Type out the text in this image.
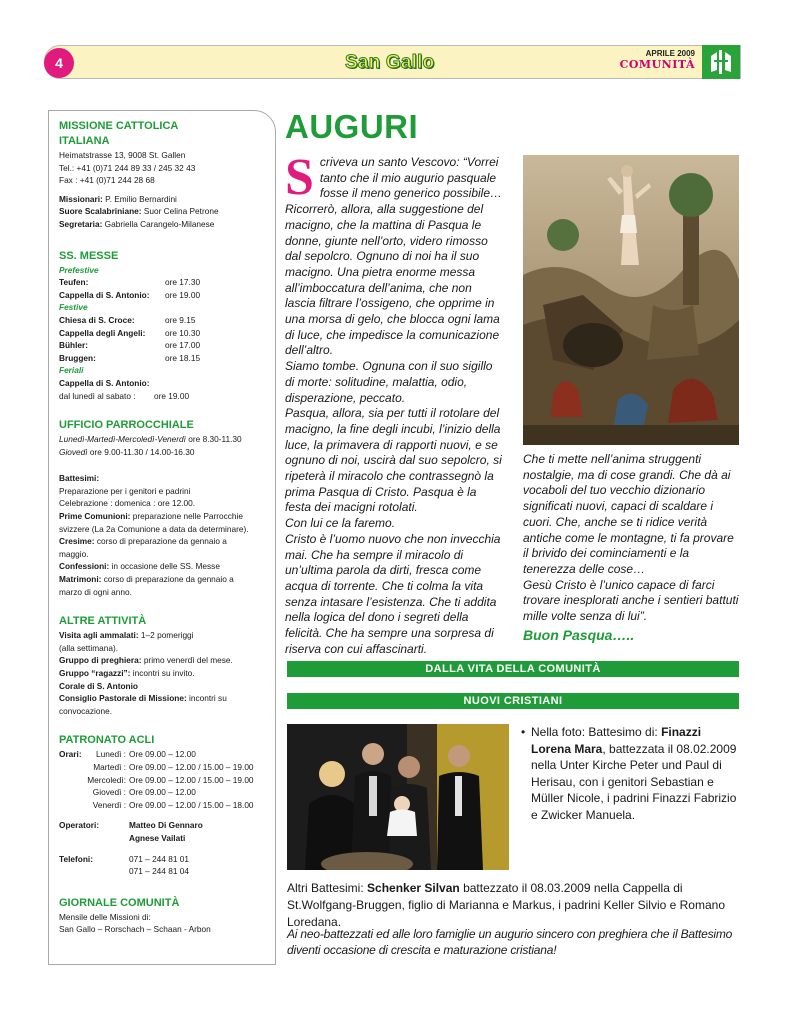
4	San Gallo	APRILE 2009
COMUNITÀ
MISSIONE CATTOLICA
ITALIANA
Heimatstrasse 13, 9008 St. Gallen
Tel.: +41 (0)71 244 89 33 / 245 32 43
Fax : +41 (0)71 244 28 68
Missionari: P. Emilio Bernardini
Suore Scalabriniane: Suor Celina Petrone
Segretaria: Gabriella Carangelo-Milanese
SS. MESSE
Prefestive
Teufen:	ore 17.30
Cappella di S. Antonio:	ore 19.00
Festive
Chiesa di S. Croce:	ore 9.15
Cappella degli Angeli:	ore 10.30
Bühler:	ore 17.00
Bruggen:	ore 18.15
Feriali
Cappella di S. Antonio:
dal lunedì al sabato :	ore 19.00
UFFICIO PARROCCHIALE
Lunedì-Martedì-Mercoledì-Venerdì ore 8.30-11.30
Giovedì ore 9.00-11.30 / 14.00-16.30
Battesimi:
Preparazione per i genitori e padrini
Celebrazione : domenica : ore 12.00.
Prime Comunioni: preparazione nelle Parrocchie
svizzere (La 2a Comunione a data da determinare).
Cresime: corso di preparazione da gennaio a
maggio.
Confessioni: in occasione delle SS. Messe
Matrimoni: corso di preparazione da gennaio a
marzo di ogni anno.
ALTRE ATTIVITÀ
Visita agli ammalati: 1–2 pomeriggi
(alla settimana).
Gruppo di preghiera: primo venerdì del mese.
Gruppo “ragazzi”: incontri su invito.
Corale di S. Antonio
Consiglio Pastorale di Missione: incontri su
convocazione.
PATRONATO ACLI
Orari:	Lunedì : Ore 09.00 – 12.00
Martedì : Ore 09.00 – 12.00 / 15.00 – 19.00
Mercoledì: Ore 09.00 – 12.00 / 15.00 – 19.00
Giovedì : Ore 09.00 – 12.00
Venerdì : Ore 09.00 – 12.00 / 15.00 – 18.00
Operatori:	Matteo Di Gennaro
Agnese Vailati
Telefoni:	071 – 244 81 01
071 – 244 81 04
GIORNALE COMUNITÀ
Mensile delle Missioni di:
San Gallo – Rorschach – Schaan - Arbon
AUGURI

Scriveva un santo Vescovo: “Vorrei tanto che il mio augurio pasquale fosse il meno generico possibile… Ricorrerò, allora, alla suggestione del macigno, che la mattina di Pasqua le donne, giunte nell’orto, videro rimosso dal sepolcro. Ognuno di noi ha il suo macigno. Una pietra enorme messa all’imboccatura dell’anima, che non lascia filtrare l’ossigeno, che opprime in una morsa di gelo, che blocca ogni lama di luce, che impedisce la comunicazione dell’altro.

Siamo tombe. Ognuna con il suo sigillo di morte: solitudine, malattia, odio, disperazione, peccato.

Pasqua, allora, sia per tutti il rotolare del macigno, la fine degli incubi, l’inizio della luce, la primavera di rapporti nuovi, e se ognuno di noi, uscirà dal suo sepolcro, si ripeterà il miracolo che contrassegnò la prima Pasqua di Cristo. Pasqua è la festa dei macigni rotolati.

Con lui ce la faremo.

Cristo è l’uomo nuovo che non invecchia mai. Che ha sempre il miracolo di un’ultima parola da dirti, fresca come acqua di torrente. Che ti colma la vita senza intasare l’esistenza. Che ti addita nella logica del dono i segreti della felicità. Che ha sempre una sorpresa di riserva con cui affascinarti.

Che ti mette nell’anima struggenti nostalgie, ma di cose grandi. Che dà ai vocaboli del tuo vecchio dizionario significati nuovi, capaci di scaldare i cuori. Che, anche se ti ridice verità antiche come le montagne, ti fa provare il brivido dei cominciamenti e la tenerezza delle cose…

Gesù Cristo è l’unico capace di farci trovare inesplorati anche i sentieri battuti mille volte senza di lui”.

Buon Pasqua…..

DALLA VITA DELLA COMUNITÀ
NUOVI CRISTIANI
• Nella foto: Battesimo di: Finazzi Lorena Mara, battezzata il 08.02.2009 nella Unter Kirche Peter und Paul di Herisau, con i genitori Sebastian e Müller Nicole, i padrini Finazzi Fabrizio e Zwicker Manuela.
Altri Battesimi: Schenker Silvan battezzato il 08.03.2009 nella Cappella di St.Wolfgang-Bruggen, figlio di Marianna e Markus, i padrini Keller Silvio e Romano Loredana.
Ai neo-battezzati ed alle loro famiglie un augurio sincero con preghiera che il Battesimo diventi occasione di crescita e maturazione cristiana!
